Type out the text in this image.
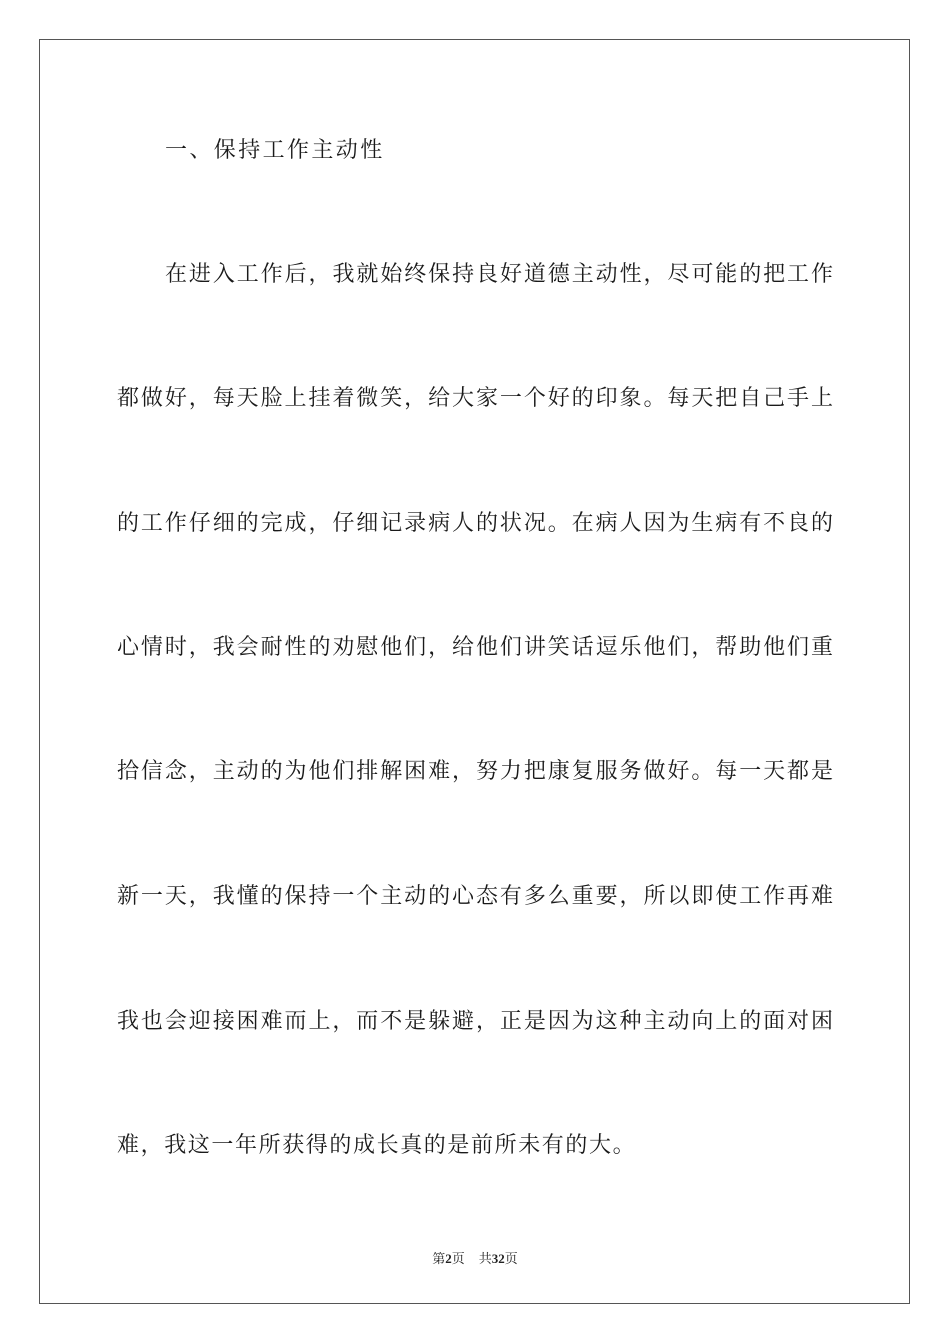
一、保持工作主动性
在进入工作后，我就始终保持良好道德主动性，尽可能的把工作
都做好，每天脸上挂着微笑，给大家一个好的印象。每天把自己手上
的工作仔细的完成，仔细记录病人的状况。在病人因为生病有不良的
心情时，我会耐性的劝慰他们，给他们讲笑话逗乐他们，帮助他们重
拾信念，主动的为他们排解困难，努力把康复服务做好。每一天都是
新一天，我懂的保持一个主动的心态有多么重要，所以即使工作再难
我也会迎接困难而上，而不是躲避，正是因为这种主动向上的面对困
难，我这一年所获得的成长真的是前所未有的大。
第2页 共32页
